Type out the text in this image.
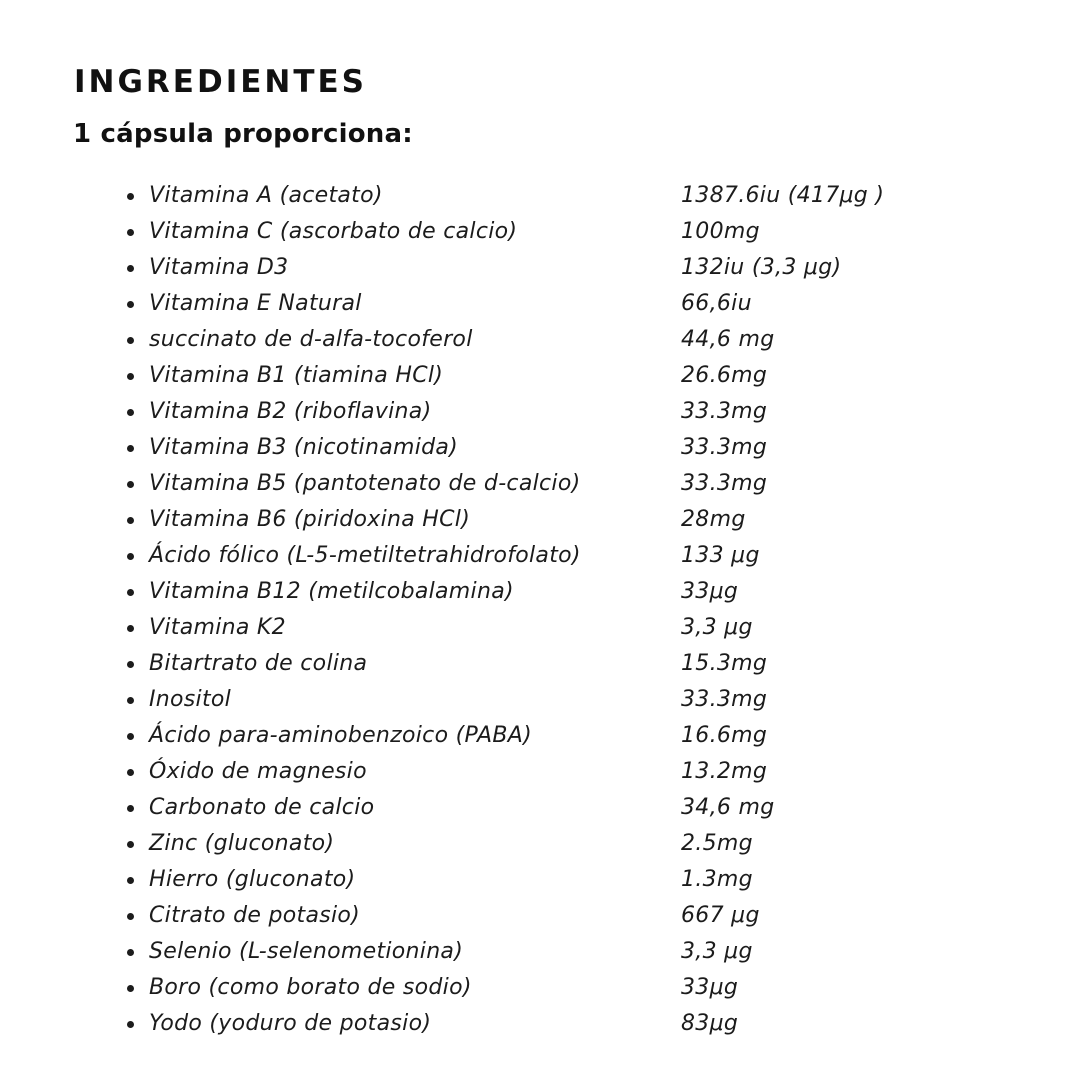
INGREDIENTES
1 cápsula proporciona:
Vitamina A (acetato)	1387.6iu (417μg )
Vitamina C (ascorbato de calcio)	100mg
Vitamina D3	132iu (3,3 μg)
Vitamina E Natural	66,6iu
succinato de d-alfa-tocoferol	44,6 mg
Vitamina B1 (tiamina HCl)	26.6mg
Vitamina B2 (riboflavina)	33.3mg
Vitamina B3 (nicotinamida)	33.3mg
Vitamina B5 (pantotenato de d-calcio)	33.3mg
Vitamina B6 (piridoxina HCl)	28mg
Ácido fólico (L-5-metiltetrahidrofolato)	133 μg
Vitamina B12 (metilcobalamina)	33μg
Vitamina K2	3,3 μg
Bitartrato de colina	15.3mg
Inositol	33.3mg
Ácido para-aminobenzoico (PABA)	16.6mg
Óxido de magnesio	13.2mg
Carbonato de calcio	34,6 mg
Zinc (gluconato)	2.5mg
Hierro (gluconato)	1.3mg
Citrato de potasio)	667 μg
Selenio (L-selenometionina)	3,3 μg
Boro (como borato de sodio)	33μg
Yodo (yoduro de potasio)	83μg
